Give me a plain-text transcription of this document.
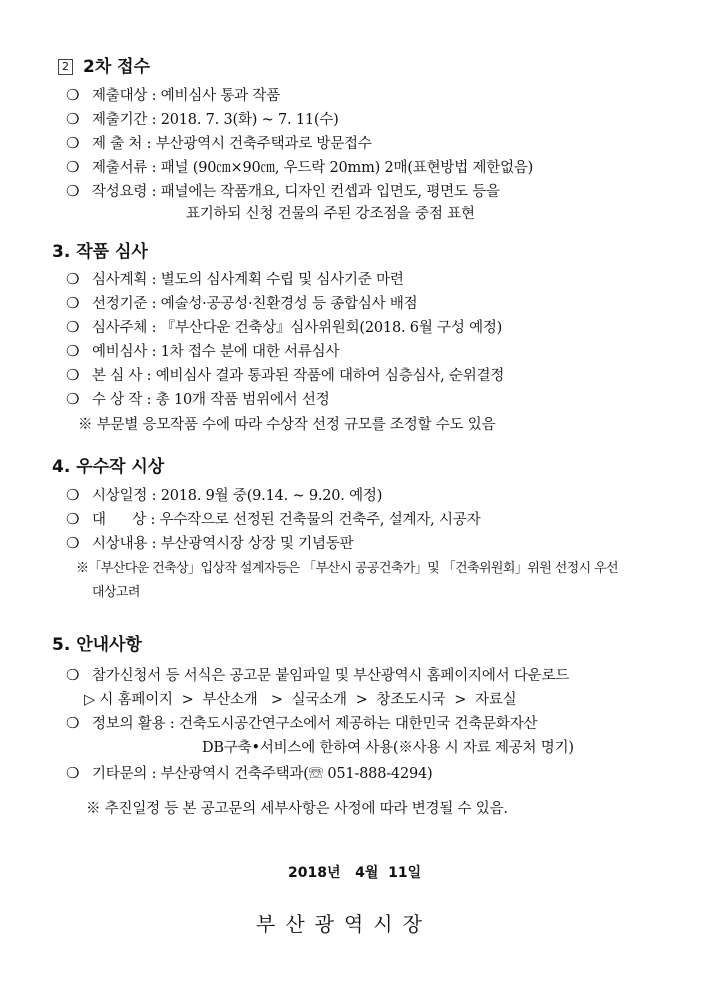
2 2차 접수
❍ 제출대상 : 예비심사 통과 작품
❍ 제출기간 : 2018. 7. 3(화) ~ 7. 11(수)
❍ 제 출 처 : 부산광역시 건축주택과로 방문접수
❍ 제출서류 : 패널 (90㎝×90㎝, 우드락 20mm) 2매(표현방법 제한없음)
❍ 작성요령 : 패널에는 작품개요, 디자인 컨셉과 입면도, 평면도 등을
표기하되 신청 건물의 주된 강조점을 중점 표현
3. 작품 심사
❍ 심사계획 : 별도의 심사계획 수립 및 심사기준 마련
❍ 선정기준 : 예술성·공공성·친환경성 등 종합심사 배점
❍ 심사주체 : 『부산다운 건축상』심사위원회(2018. 6월 구성 예정)
❍ 예비심사 : 1차 접수 분에 대한 서류심사
❍ 본 심 사 : 예비심사 결과 통과된 작품에 대하여 심층심사, 순위결정
❍ 수 상 작 : 총 10개 작품 범위에서 선정
※ 부문별 응모작품 수에 따라 수상작 선정 규모를 조정할 수도 있음
4. 우수작 시상
❍ 시상일정 : 2018. 9월 중(9.14. ~ 9.20. 예정)
❍ 대      상 : 우수작으로 선정된 건축물의 건축주, 설계자, 시공자
❍ 시상내용 : 부산광역시장 상장 및 기념동판
※「부산다운 건축상」입상작 설계자등은 「부산시 공공건축가」및 「건축위원회」위원 선정시 우선
대상고려
5. 안내사항
❍ 참가신청서 등 서식은 공고문 붙임파일 및 부산광역시 홈페이지에서 다운로드
▷ 시 홈페이지  >  부산소개   >  실국소개  >  창조도시국  >  자료실
❍ 정보의 활용 : 건축도시공간연구소에서 제공하는 대한민국 건축문화자산
DB구축•서비스에 한하여 사용(※사용 시 자료 제공처 명기)
❍ 기타문의 : 부산광역시 건축주택과(☏ 051-888-4294)
※ 추진일정 등 본 공고문의 세부사항은 사정에 따라 변경될 수 있음.
2018년   4월  11일
부산광역시장
